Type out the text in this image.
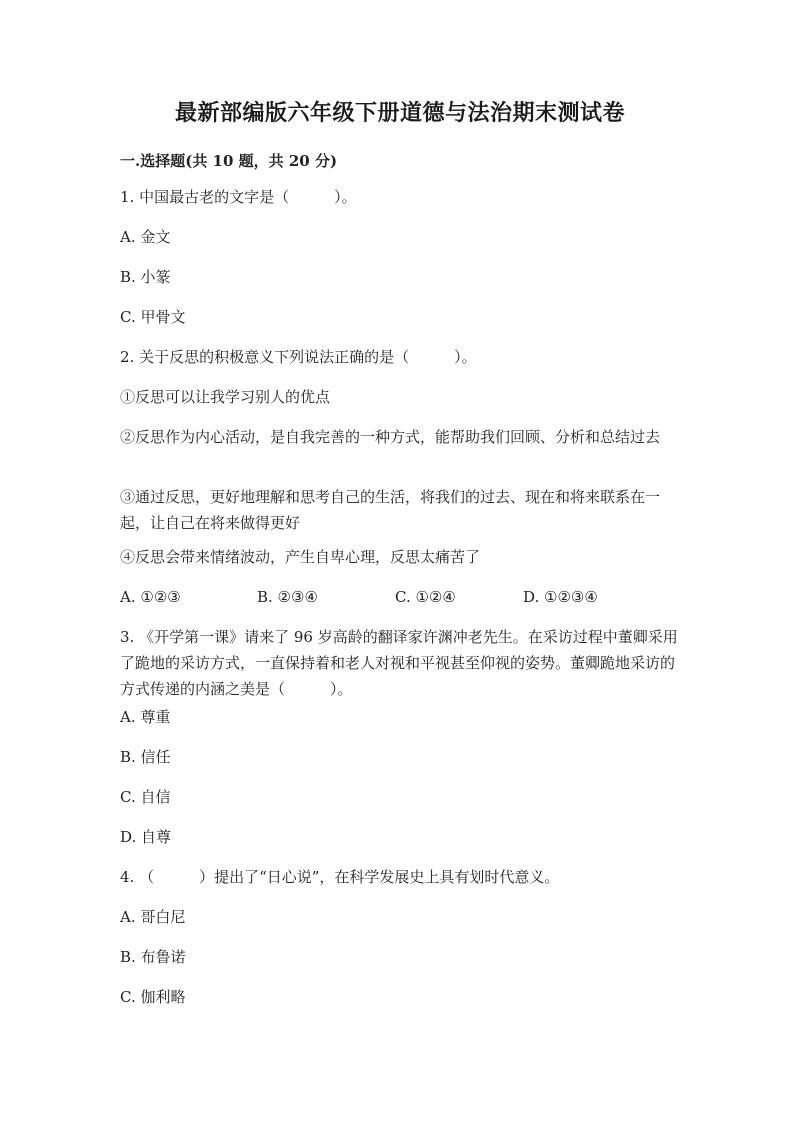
最新部编版六年级下册道德与法治期末测试卷
一.选择题(共 10 题，共 20 分)
1. 中国最古老的文字是（　　　）。
A. 金文
B. 小篆
C. 甲骨文
2. 关于反思的积极意义下列说法正确的是（　　　）。
①反思可以让我学习别人的优点
②反思作为内心活动，是自我完善的一种方式，能帮助我们回顾、分析和总结过去
③通过反思，更好地理解和思考自己的生活，将我们的过去、现在和将来联系在一起，让自己在将来做得更好
④反思会带来情绪波动，产生自卑心理，反思太痛苦了
A. ①②③	B. ②③④	C. ①②④	D. ①②③④
3. 《开学第一课》请来了 96 岁高龄的翻译家许渊冲老先生。在采访过程中董卿采用了跪地的采访方式，一直保持着和老人对视和平视甚至仰视的姿势。董卿跪地采访的方式传递的内涵之美是（　　　）。
A. 尊重
B. 信任
C. 自信
D. 自尊
4. （　　　）提出了“日心说”，在科学发展史上具有划时代意义。
A. 哥白尼
B. 布鲁诺
C. 伽利略
